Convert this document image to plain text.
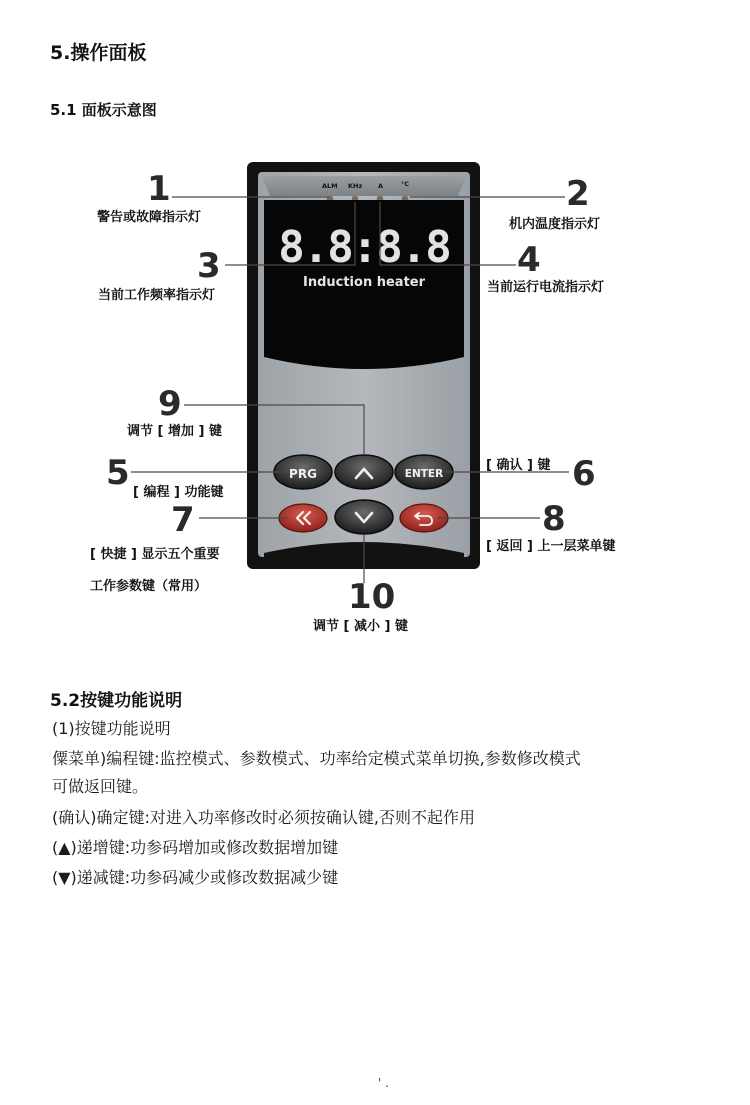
5.操作面板
5.1 面板示意图
ALM KHz A	°C
8.8:8.8
Induction heater
PRG	ENTER
1
警告或故障指示灯
2
机内温度指示灯
3
当前工作频率指示灯
4
当前运行电流指示灯
9
调节 [ 增加 ] 键
5 [ 编程 ] 功能键
[ 确认 ] 键 6
7
[ 快捷 ] 显示五个重要
工作参数键（常用）
8
[ 返回 ] 上一层菜单键
10
调节 [ 减小 ] 键
5.2按键功能说明
(1)按键功能说明
僳菜单)编程键:监控模式、参数模式、功率给定模式菜单切换,参数修改模式
可做返回键。
(确认)确定键:对进入功率修改时必须按确认键,否则不起作用
(▲)递增键:功参码增加或修改数据增加键
(▼)递减键:功参码减少或修改数据减少键
' .
